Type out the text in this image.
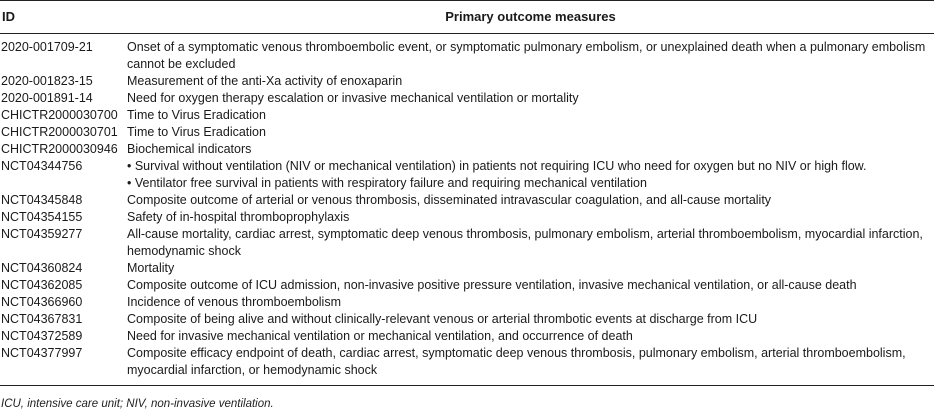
ID	Primary outcome measures
2020-001709-21	Onset of a symptomatic venous thromboembolic event, or symptomatic pulmonary embolism, or unexplained death when a pulmonary embolism cannot be excluded

2020-001823-15	Measurement of the anti-Xa activity of enoxaparin

2020-001891-14	Need for oxygen therapy escalation or invasive mechanical ventilation or mortality

CHICTR2000030700	Time to Virus Eradication

CHICTR2000030701	Time to Virus Eradication

CHICTR2000030946	Biochemical indicators

NCT04344756	• Survival without ventilation (NIV or mechanical ventilation) in patients not requiring ICU who need for oxygen but no NIV or high flow.
• Ventilator free survival in patients with respiratory failure and requiring mechanical ventilation

NCT04345848	Composite outcome of arterial or venous thrombosis, disseminated intravascular coagulation, and all-cause mortality

NCT04354155	Safety of in-hospital thromboprophylaxis

NCT04359277	All-cause mortality, cardiac arrest, symptomatic deep venous thrombosis, pulmonary embolism, arterial thromboembolism, myocardial infarction, hemodynamic shock

NCT04360824	Mortality

NCT04362085	Composite outcome of ICU admission, non-invasive positive pressure ventilation, invasive mechanical ventilation, or all-cause death

NCT04366960	Incidence of venous thromboembolism

NCT04367831	Composite of being alive and without clinically-relevant venous or arterial thrombotic events at discharge from ICU

NCT04372589	Need for invasive mechanical ventilation or mechanical ventilation, and occurrence of death

NCT04377997	Composite efficacy endpoint of death, cardiac arrest, symptomatic deep venous thrombosis, pulmonary embolism, arterial thromboembolism, myocardial infarction, or hemodynamic shock
ICU, intensive care unit; NIV, non-invasive ventilation.
